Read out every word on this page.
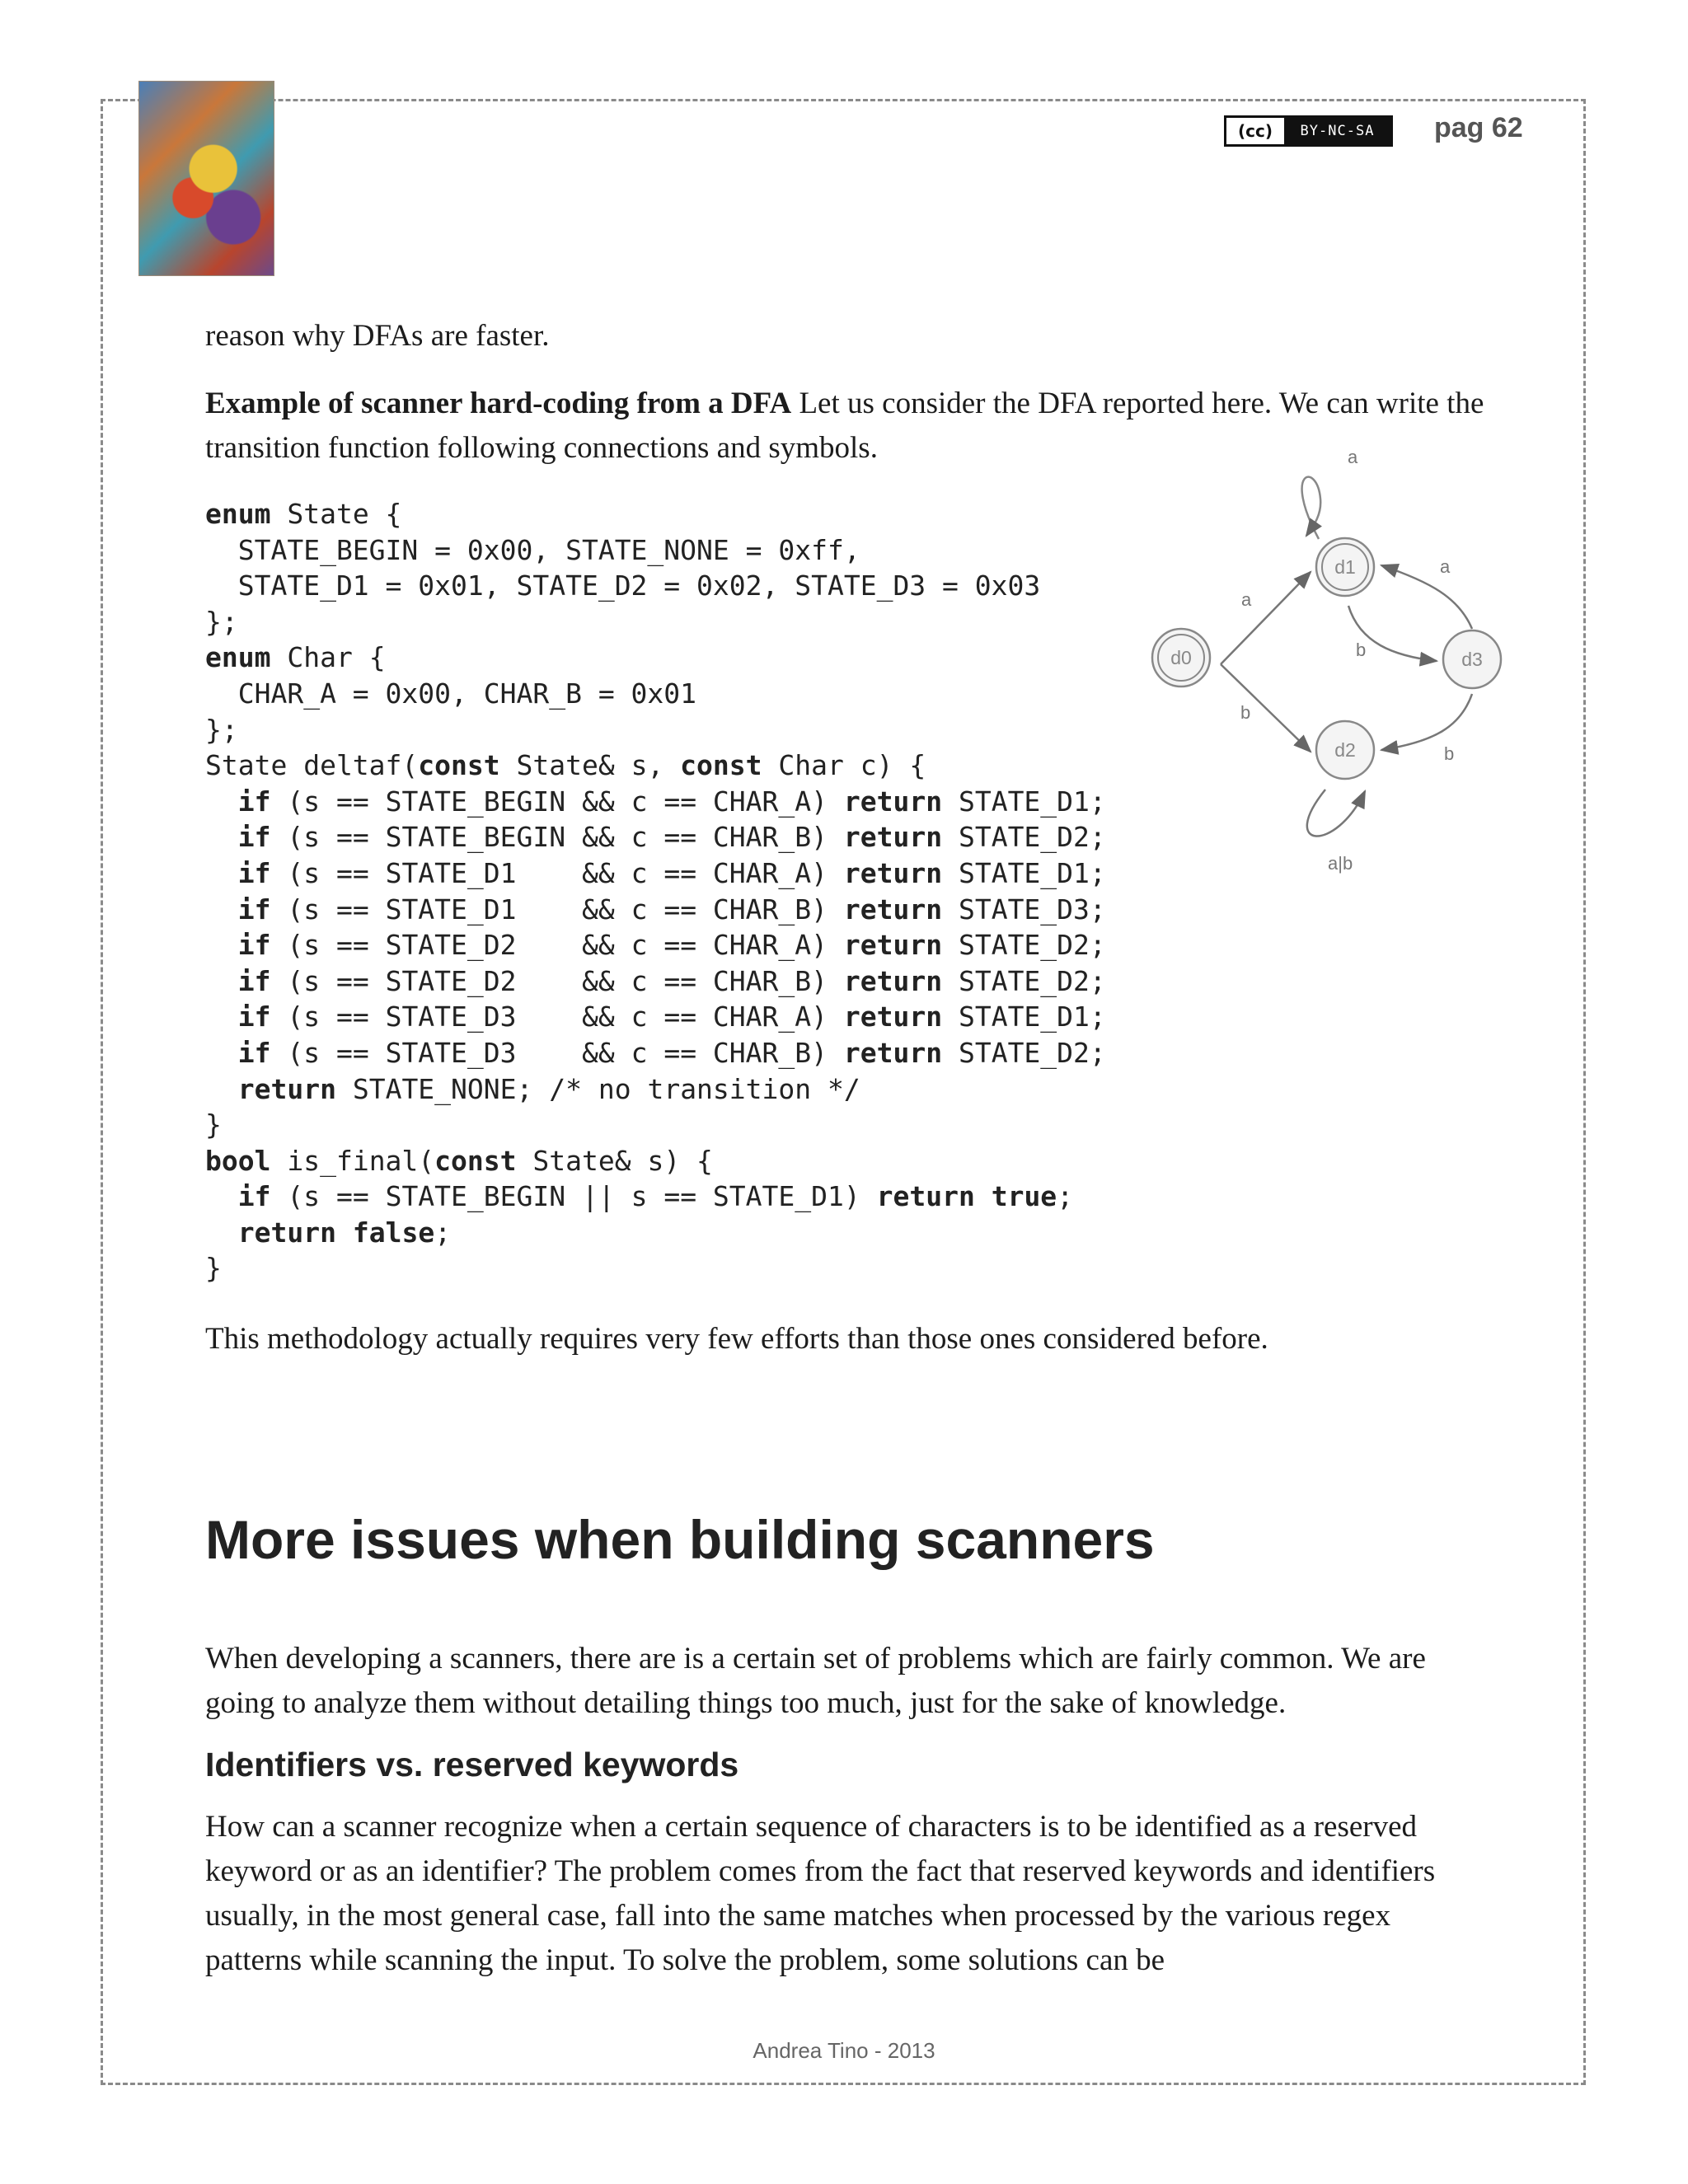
(cc)	BY-NC-SA	pag 62

reason why DFAs are faster.

Example of scanner hard-coding from a DFA Let us consider the DFA reported here. We can write the transition function following connections and symbols.

enum State {
STATE_BEGIN = 0x00, STATE_NONE = 0xff,
STATE_D1 = 0x01, STATE_D2 = 0x02, STATE_D3 = 0x03
};
enum Char {
CHAR_A = 0x00, CHAR_B = 0x01
};
State deltaf(const State& s, const Char c) {
if (s == STATE_BEGIN && c == CHAR_A) return STATE_D1;
if (s == STATE_BEGIN && c == CHAR_B) return STATE_D2;
if (s == STATE_D1    && c == CHAR_A) return STATE_D1;
if (s == STATE_D1    && c == CHAR_B) return STATE_D3;
if (s == STATE_D2    && c == CHAR_A) return STATE_D2;
if (s == STATE_D2    && c == CHAR_B) return STATE_D2;
if (s == STATE_D3    && c == CHAR_A) return STATE_D1;
if (s == STATE_D3    && c == CHAR_B) return STATE_D2;
return STATE_NONE; /* no transition */
}
bool is_final(const State& s) {
if (s == STATE_BEGIN || s == STATE_D1) return true;
return false;
}
a
a
b
b
a
b
a|b
d0
d1
d2
d3

This methodology actually requires very few efforts than those ones considered before.

More issues when building scanners

When developing a scanners, there are is a certain set of problems which are fairly common. We are going to analyze them without detailing things too much, just for the sake of knowledge.

Identifiers vs. reserved keywords

How can a scanner recognize when a certain sequence of characters is to be identified as a reserved keyword or as an identifier? The problem comes from the fact that reserved keywords and identifiers usually, in the most general case, fall into the same matches when processed by the various regex patterns while scanning the input. To solve the problem, some solutions can be

Andrea Tino - 2013
